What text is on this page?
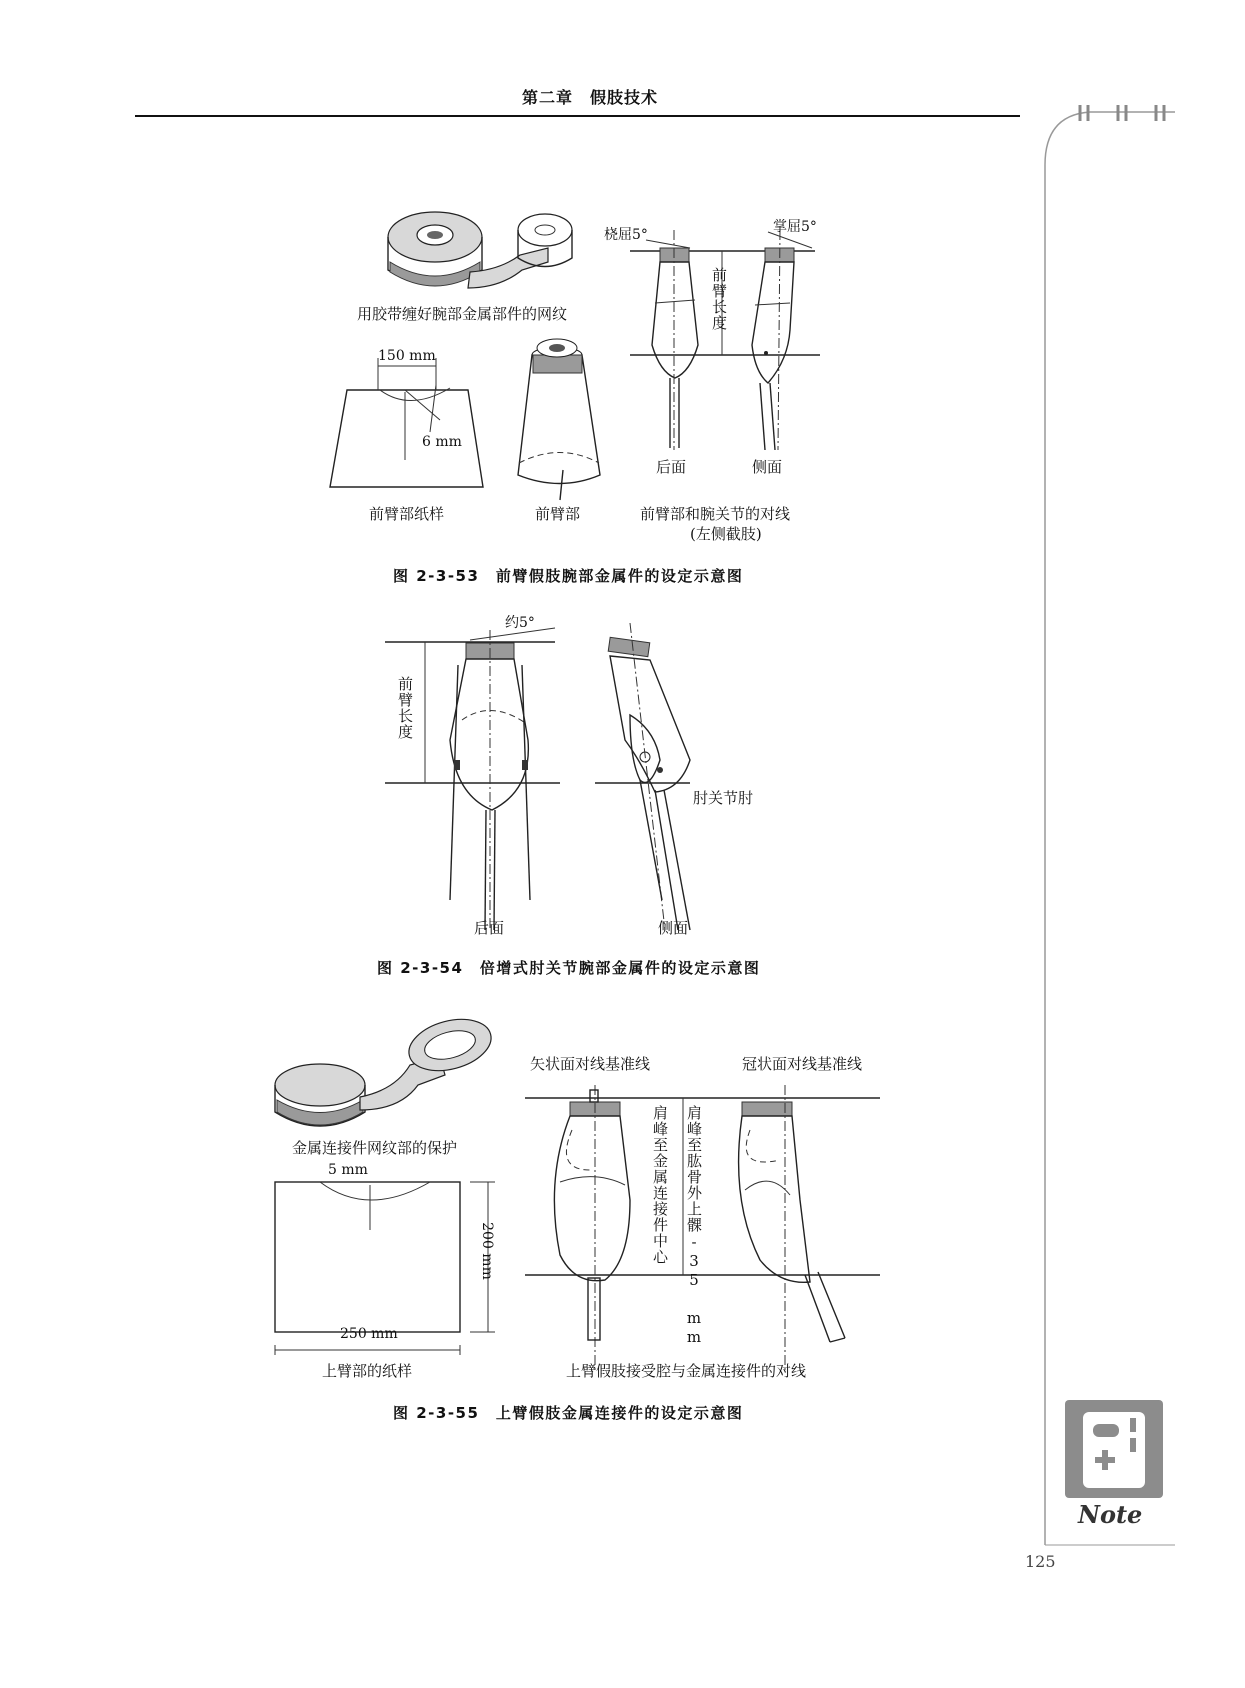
第二章　假肢技术
用胶带缠好腕部金属部件的网纹
150 mm
6 mm
前臂部纸样	前臂部	前臂部和腕关节的对线
(左侧截肢)
桡屈5°	掌屈5°
前臂长度
后面	侧面
图 2-3-53　前臂假肢腕部金属件的设定示意图
约5°
前臂长度
肘关节肘
后面	侧面
图 2-3-54　倍增式肘关节腕部金属件的设定示意图
矢状面对线基准线	冠状面对线基准线
金属连接件网纹部的保护
5 mm
200 mm
250 mm
上臂部的纸样
肩峰至金属连接件中心 肩峰至肱骨外上髁-35 mm
上臂假肢接受腔与金属连接件的对线
图 2-3-55　上臂假肢金属连接件的设定示意图
Note
125
